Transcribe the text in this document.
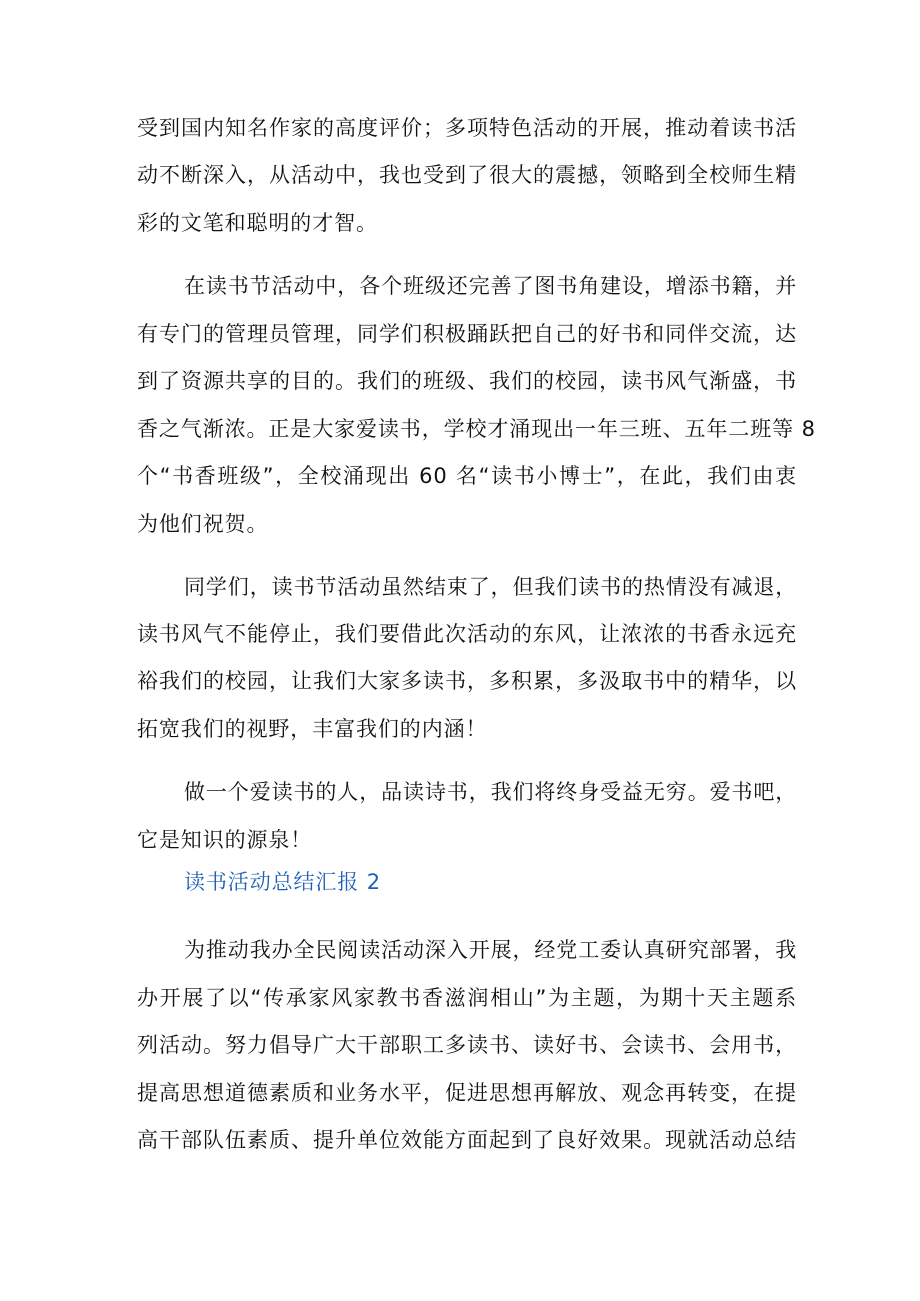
受到国内知名作家的高度评价；多项特色活动的开展，推动着读书活
动不断深入，从活动中，我也受到了很大的震撼，领略到全校师生精
彩的文笔和聪明的才智。
在读书节活动中，各个班级还完善了图书角建设，增添书籍，并
有专门的管理员管理，同学们积极踊跃把自己的好书和同伴交流，达
到了资源共享的目的。我们的班级、我们的校园，读书风气渐盛，书
香之气渐浓。正是大家爱读书，学校才涌现出一年三班、五年二班等 8
个“书香班级”，全校涌现出 60 名“读书小博士”，在此，我们由衷
为他们祝贺。
同学们，读书节活动虽然结束了，但我们读书的热情没有减退，
读书风气不能停止，我们要借此次活动的东风，让浓浓的书香永远充
裕我们的校园，让我们大家多读书，多积累，多汲取书中的精华，以
拓宽我们的视野，丰富我们的内涵！
做一个爱读书的人，品读诗书，我们将终身受益无穷。爱书吧，
它是知识的源泉！
读书活动总结汇报 2
为推动我办全民阅读活动深入开展，经党工委认真研究部署，我
办开展了以“传承家风家教书香滋润相山”为主题，为期十天主题系
列活动。努力倡导广大干部职工多读书、读好书、会读书、会用书，
提高思想道德素质和业务水平，促进思想再解放、观念再转变，在提
高干部队伍素质、提升单位效能方面起到了良好效果。现就活动总结
